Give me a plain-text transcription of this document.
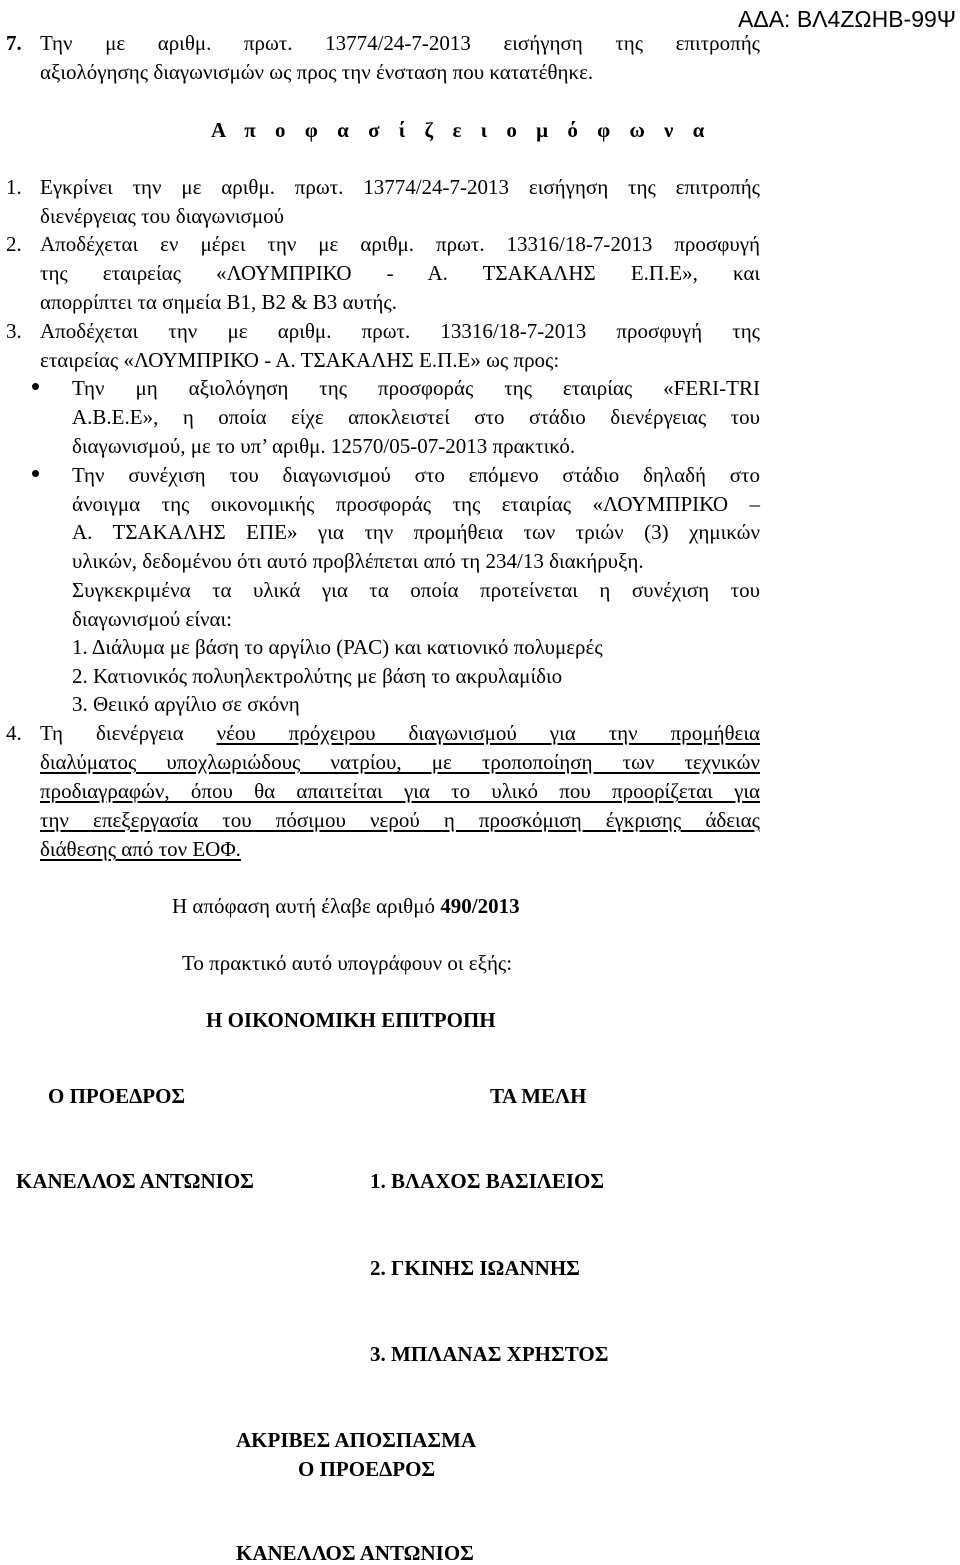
ΑΔΑ: ΒΛ4ΖΩΗΒ-99Ψ
7. Την με αριθμ. πρωτ. 13774/24-7-2013 εισήγηση της επιτροπής
αξιολόγησης διαγωνισμών ως προς την ένσταση που κατατέθηκε.
Α π ο φ α σ ί ζ ε ι ο μ ό φ ω ν α
1. Εγκρίνει την με αριθμ. πρωτ. 13774/24-7-2013 εισήγηση της επιτροπής
διενέργειας του διαγωνισμού
2. Αποδέχεται εν μέρει την με αριθμ. πρωτ. 13316/18-7-2013 προσφυγή
της εταιρείας «ΛΟΥΜΠΡΙΚΟ - Α. ΤΣΑΚΑΛΗΣ Ε.Π.Ε», και
απορρίπτει τα σημεία Β1, Β2 & Β3 αυτής.
3. Αποδέχεται την με αριθμ. πρωτ. 13316/18-7-2013 προσφυγή της
εταιρείας «ΛΟΥΜΠΡΙΚΟ - Α. ΤΣΑΚΑΛΗΣ Ε.Π.Ε» ως προς:
Την μη αξιολόγηση της προσφοράς της εταιρίας «FERI-TRI
Α.Β.Ε.Ε», η οποία είχε αποκλειστεί στο στάδιο διενέργειας του
διαγωνισμού, με το υπ’ αριθμ. 12570/05-07-2013 πρακτικό.
Την συνέχιση του διαγωνισμού στο επόμενο στάδιο δηλαδή στο
άνοιγμα της οικονομικής προσφοράς της εταιρίας «ΛΟΥΜΠΡΙΚΟ –
Α. ΤΣΑΚΑΛΗΣ ΕΠΕ» για την προμήθεια των τριών (3) χημικών
υλικών, δεδομένου ότι αυτό προβλέπεται από τη 234/13 διακήρυξη.
Συγκεκριμένα τα υλικά για τα οποία προτείνεται η συνέχιση του
διαγωνισμού είναι:
1. Διάλυμα με βάση το αργίλιο (PAC) και κατιονικό πολυμερές
2. Κατιονικός πολυηλεκτρολύτης με βάση το ακρυλαμίδιο
3. Θειικό αργίλιο σε σκόνη
4. Τη διενέργεια νέου πρόχειρου διαγωνισμού για την προμήθεια
διαλύματος υποχλωριώδους νατρίου, με τροποποίηση των τεχνικών
προδιαγραφών, όπου θα απαιτείται για το υλικό που προορίζεται για
την επεξεργασία του πόσιμου νερού η προσκόμιση έγκρισης άδειας
διάθεσης από τον ΕΟΦ.
Η απόφαση αυτή έλαβε αριθμό 490/2013
Το πρακτικό αυτό υπογράφουν οι εξής:
Η ΟΙΚΟΝΟΜΙΚΗ ΕΠΙΤΡΟΠΗ
Ο ΠΡΟΕΔΡΟΣ	ΤΑ ΜΕΛΗ
ΚΑΝΕΛΛΟΣ ΑΝΤΩΝΙΟΣ	1. ΒΛΑΧΟΣ ΒΑΣΙΛΕΙΟΣ
2. ΓΚΙΝΗΣ ΙΩΑΝΝΗΣ
3. ΜΠΛΑΝΑΣ ΧΡΗΣΤΟΣ
ΑΚΡΙΒΕΣ ΑΠΟΣΠΑΣΜΑ
Ο ΠΡΟΕΔΡΟΣ
ΚΑΝΕΛΛΟΣ ΑΝΤΩΝΙΟΣ
